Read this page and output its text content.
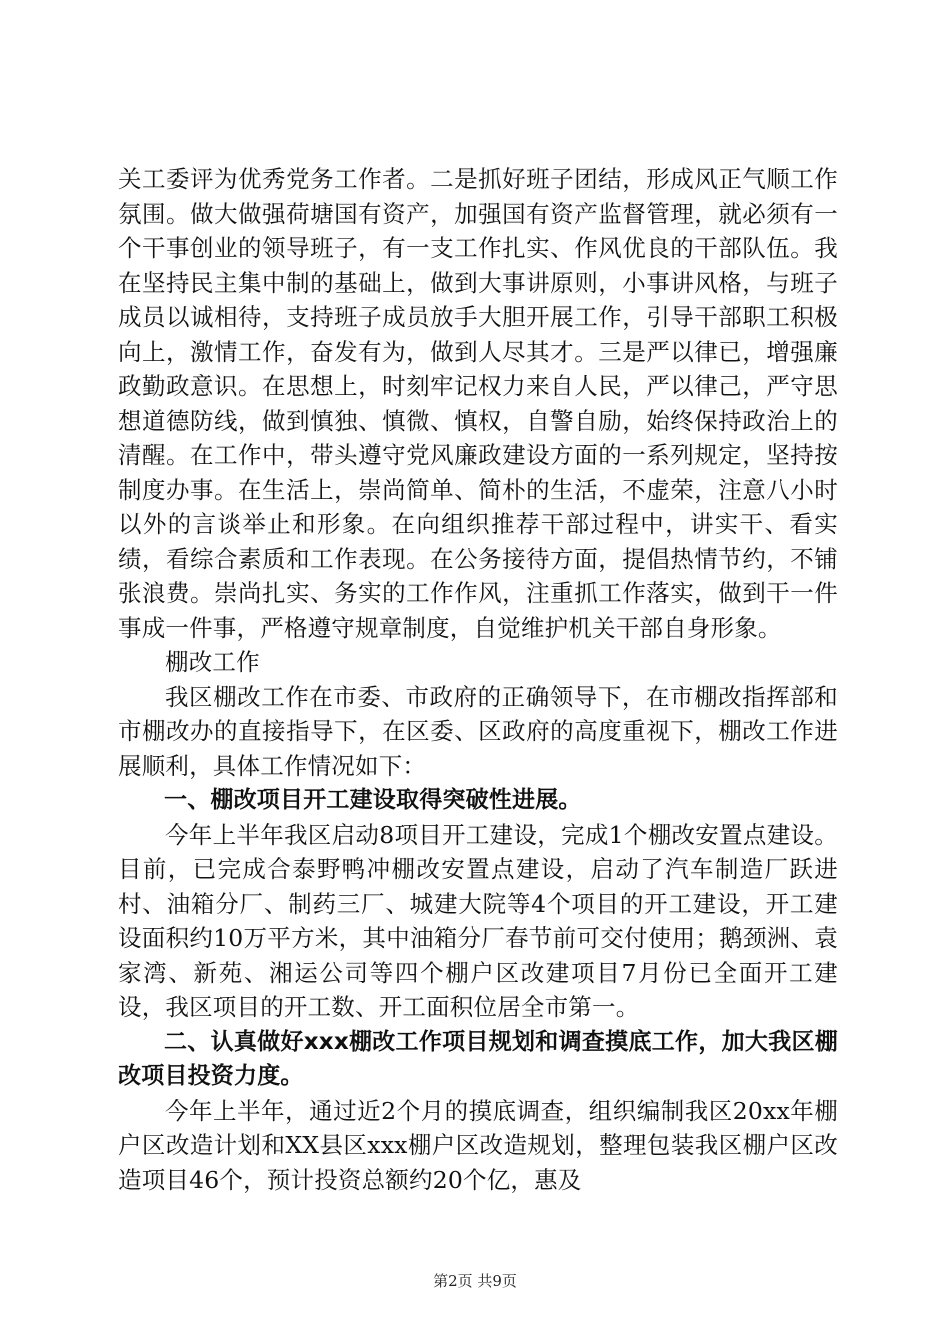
关工委评为优秀党务工作者。二是抓好班子团结，形成风正气顺工作氛围。做大做强荷塘国有资产，加强国有资产监督管理，就必须有一个干事创业的领导班子，有一支工作扎实、作风优良的干部队伍。我在坚持民主集中制的基础上，做到大事讲原则，小事讲风格，与班子成员以诚相待，支持班子成员放手大胆开展工作，引导干部职工积极向上，激情工作，奋发有为，做到人尽其才。三是严以律已，增强廉政勤政意识。在思想上，时刻牢记权力来自人民，严以律己，严守思想道德防线，做到慎独、慎微、慎权，自警自励，始终保持政治上的清醒。在工作中，带头遵守党风廉政建设方面的一系列规定，坚持按制度办事。在生活上，崇尚简单、简朴的生活，不虚荣，注意八小时以外的言谈举止和形象。在向组织推荐干部过程中，讲实干、看实绩，看综合素质和工作表现。在公务接待方面，提倡热情节约，不铺张浪费。崇尚扎实、务实的工作作风，注重抓工作落实，做到干一件事成一件事，严格遵守规章制度，自觉维护机关干部自身形象。

棚改工作

我区棚改工作在市委、市政府的正确领导下，在市棚改指挥部和市棚改办的直接指导下，在区委、区政府的高度重视下，棚改工作进展顺利，具体工作情况如下：

一、棚改项目开工建设取得突破性进展。

今年上半年我区启动8项目开工建设，完成1个棚改安置点建设。目前，已完成合泰野鸭冲棚改安置点建设，启动了汽车制造厂跃进村、油箱分厂、制药三厂、城建大院等4个项目的开工建设，开工建设面积约10万平方米，其中油箱分厂春节前可交付使用；鹅颈洲、袁家湾、新苑、湘运公司等四个棚户区改建项目7月份已全面开工建设，我区项目的开工数、开工面积位居全市第一。

二、认真做好xxx棚改工作项目规划和调查摸底工作，加大我区棚改项目投资力度。

今年上半年，通过近2个月的摸底调查，组织编制我区20xx年棚户区改造计划和XX县区xxx棚户区改造规划，整理包装我区棚户区改造项目46个，预计投资总额约20个亿，惠及

第2页 共9页
